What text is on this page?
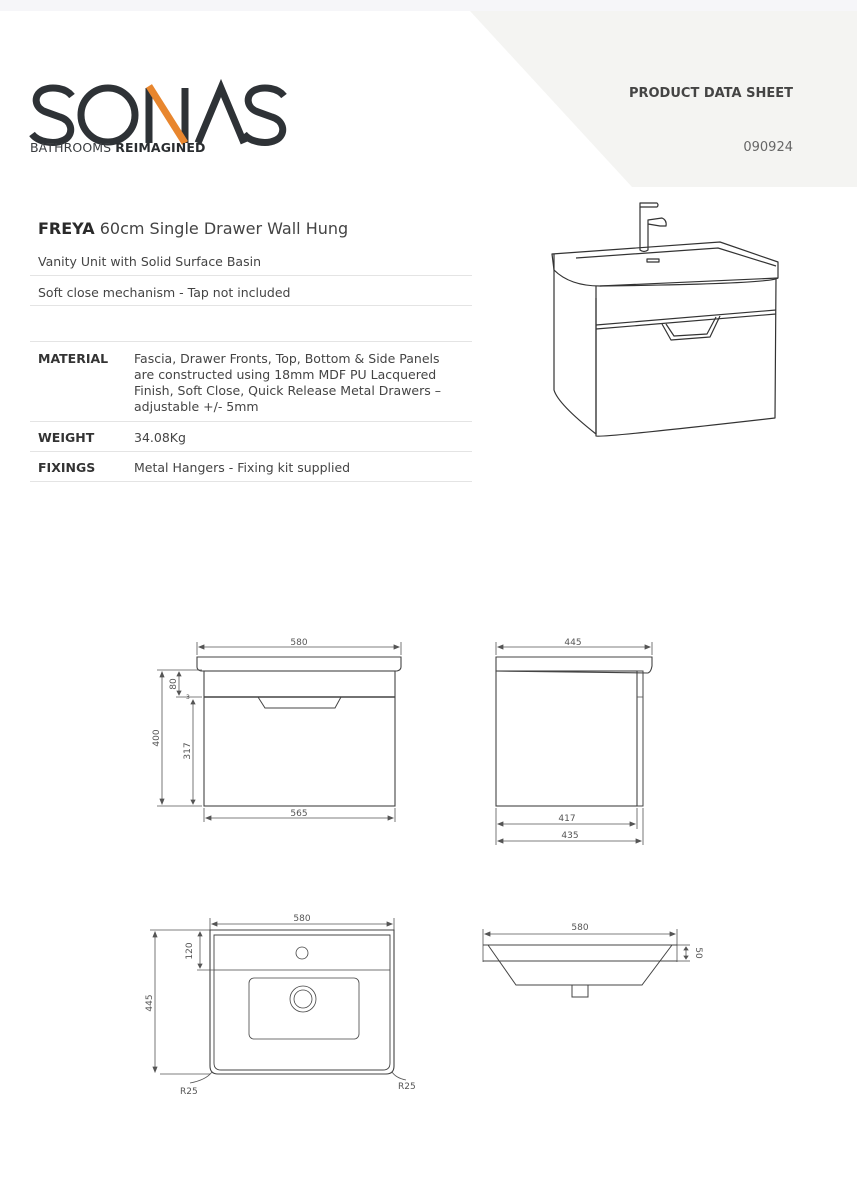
BATHROOMS REIMAGINED
PRODUCT DATA SHEET
090924
FREYA 60cm Single Drawer Wall Hung
Vanity Unit with Solid Surface Basin
Soft close mechanism - Tap not included
MATERIAL Fascia, Drawer Fronts, Top, Bottom & Side Panels are constructed using 18mm MDF PU Lacquered Finish, Soft Close, Quick Release Metal Drawers – adjustable +/- 5mm
WEIGHT	34.08Kg
FIXINGS	Metal Hangers - Fixing kit supplied
580
565
400
80
3
317
445
417
435
580
445
120
R25	R25
580
50
